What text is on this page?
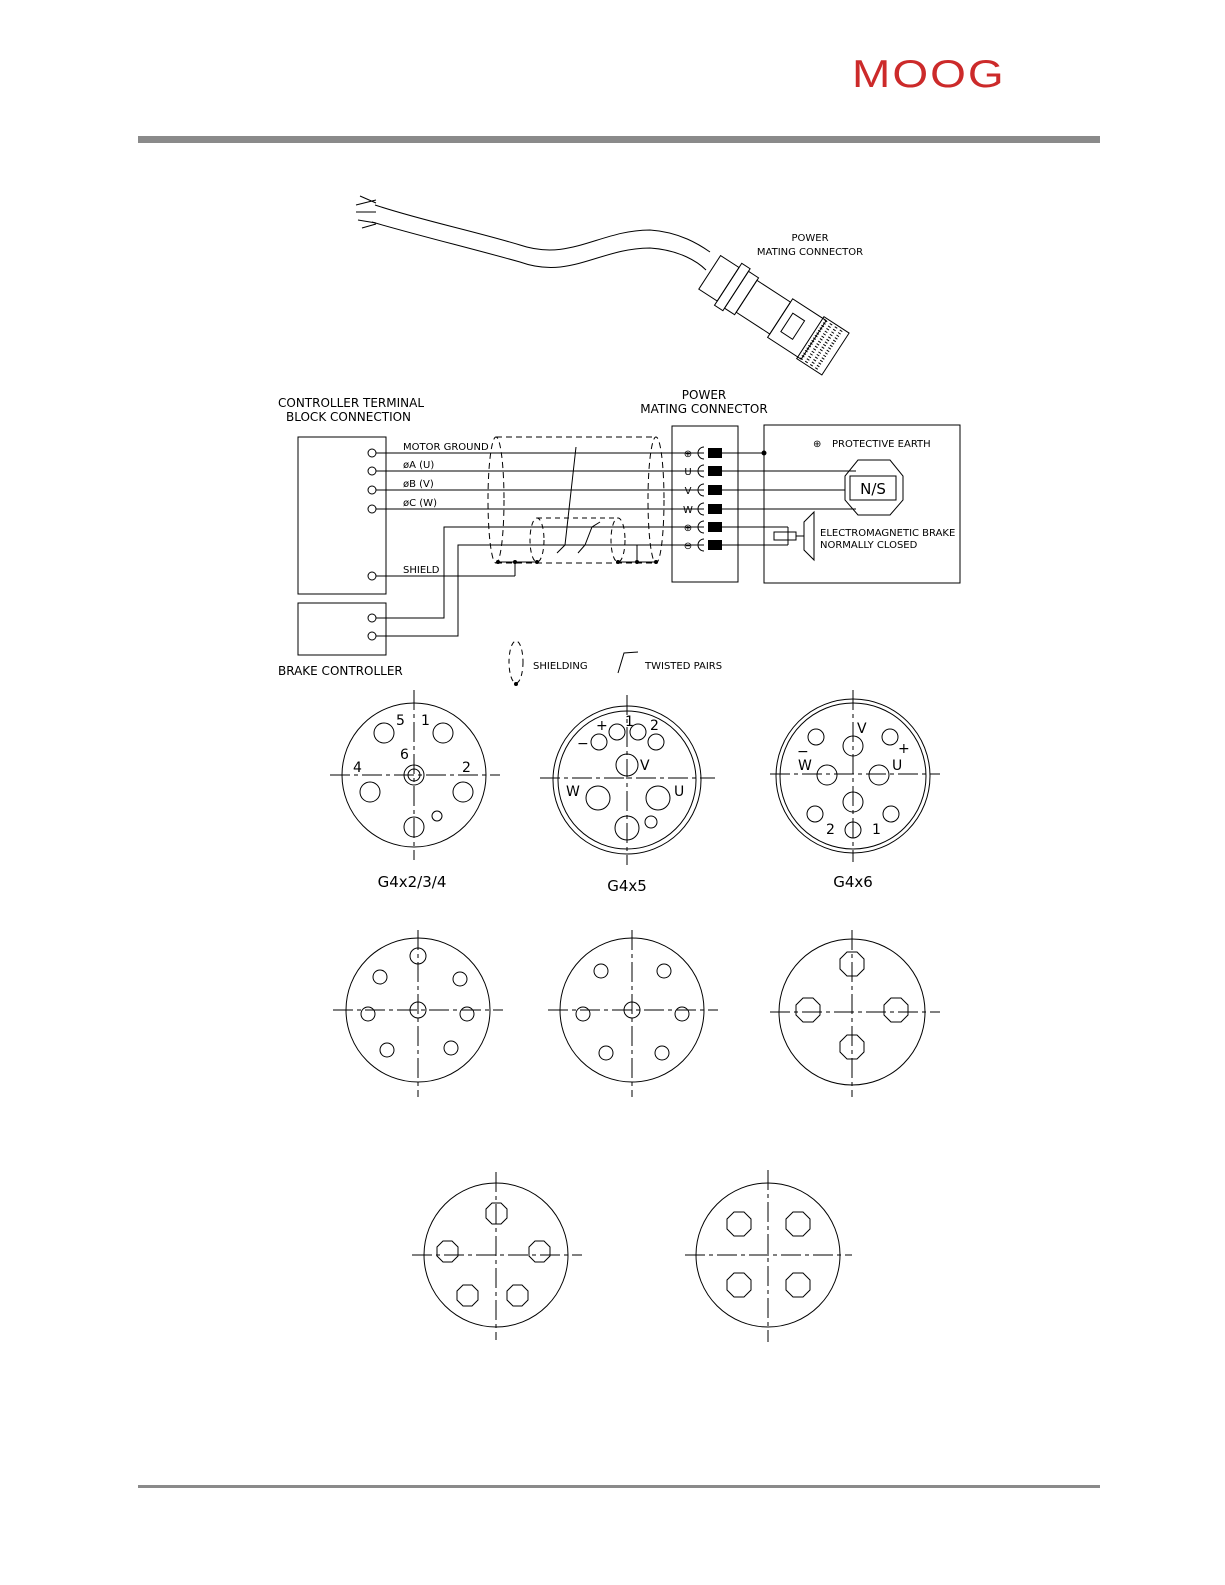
MOOG
POWER
MATING CONNECTOR
CONTROLLER TERMINAL
BLOCK CONNECTION
POWER
MATING CONNECTOR
BRAKE CONTROLLER
MOTOR GROUND
øA (U)
øB (V)
øC (W)
SHIELD
⊕
U
V
W
⊕
⊖
N/S
⊕ PROTECTIVE EARTH
ELECTROMAGNETIC BRAKE
NORMALLY CLOSED
SHIELDING	TWISTED PAIRS
5 1
6
4	2
G4x2/3/4
−
+ 1 2
V
W	U
G4x5
V
−	+
W	U
2	1
G4x6
